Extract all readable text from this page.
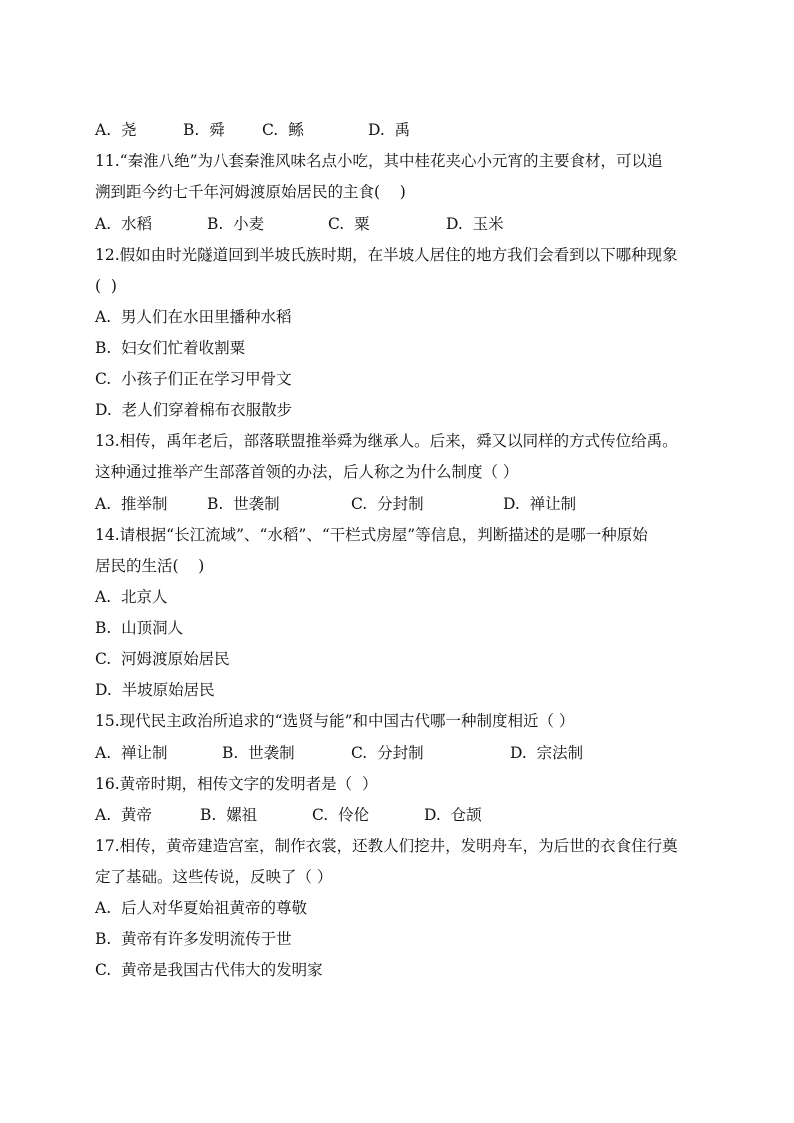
A.  尧	B.  舜 C.  鲧	D.  禹
11.“秦淮八绝”为八套秦淮风味名点小吃，其中桂花夹心小元宵的主要食材，可以追
溯到距今约七千年河姆渡原始居民的主食(    )
A.  水稻	B.  小麦	C.  粟	D.  玉米
12.假如由时光隧道回到半坡氏族时期，在半坡人居住的地方我们会看到以下哪种现象
(  )
A.  男人们在水田里播种水稻
B.  妇女们忙着收割粟
C.  小孩子们正在学习甲骨文
D.  老人们穿着棉布衣服散步
13.相传，禹年老后，部落联盟推举舜为继承人。后来，舜又以同样的方式传位给禹。
这种通过推举产生部落首领的办法，后人称之为什么制度（ ）
A.  推举制	B.  世袭制	C.  分封制	D.  禅让制
14.请根据“长江流域”、“水稻”、“干栏式房屋”等信息，判断描述的是哪一种原始
居民的生活(    )
A.  北京人
B.  山顶洞人
C.  河姆渡原始居民
D.  半坡原始居民
15.现代民主政治所追求的“选贤与能”和中国古代哪一种制度相近（ ）
A.  禅让制	B.  世袭制	C.  分封制	D.  宗法制
16.黄帝时期，相传文字的发明者是（  ）
A.  黄帝	B.  嫘祖	C.  伶伦	D.  仓颉
17.相传，黄帝建造宫室，制作衣裳，还教人们挖井，发明舟车，为后世的衣食住行奠
定了基础。这些传说，反映了（ ）
A.  后人对华夏始祖黄帝的尊敬
B.  黄帝有许多发明流传于世
C.  黄帝是我国古代伟大的发明家
